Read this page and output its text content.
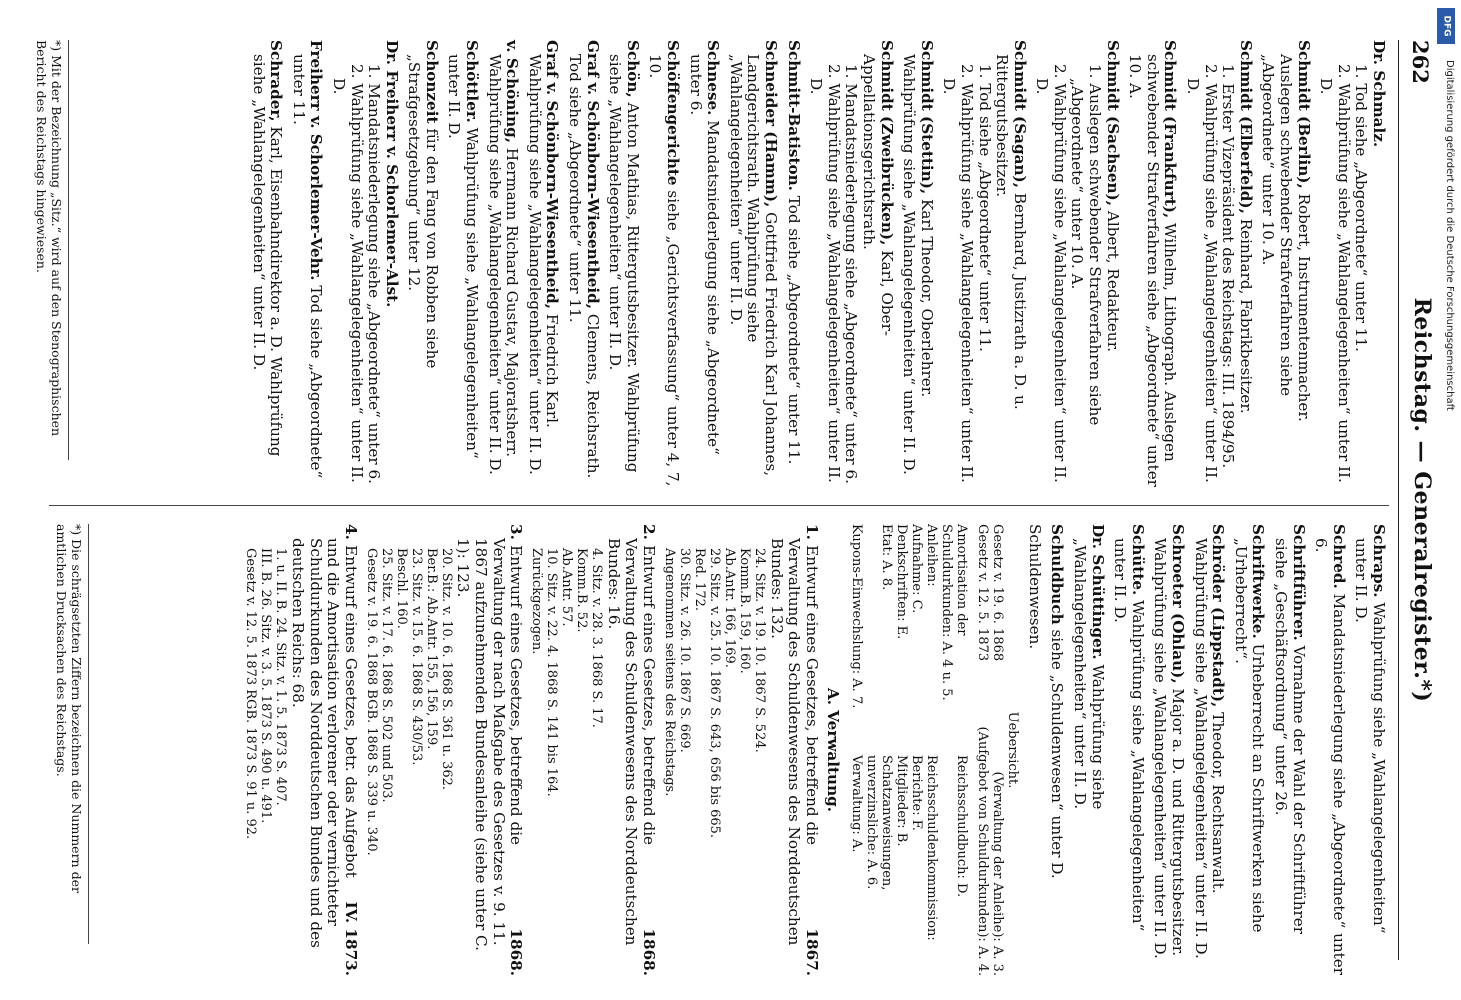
262
Reichstag. — Generalregister.*)
Dr. Schmalz.
1. Tod siehe „Abgeordnete“ unter 11.
2. Wahlprüfung siehe „Wahlangelegenheiten“ unter II. D.
Schmidt (Berlin), Robert, Instrumentenmacher. Auslegen schwebender Strafverfahren siehe „Abgeordnete“ unter 10. A.
Schmidt (Elberfeld), Reinhard, Fabrikbesitzer.
1. Erster Vizepräsident des Reichstags: III. 1894/95.
2. Wahlprüfung siehe „Wahlangelegenheiten“ unter II. D.
Schmidt (Frankfurt), Wilhelm, Lithograph. Auslegen schwebender Strafverfahren siehe „Abgeordnete“ unter 10. A.
Schmidt (Sachsen), Albert, Redakteur.
1. Auslegen schwebender Strafverfahren siehe „Abgeordnete“ unter 10. A.
2. Wahlprüfung siehe „Wahlangelegenheiten“ unter II. D.
Schmidt (Sagan), Bernhard, Justizrath a. D. u. Rittergutsbesitzer.
1. Tod siehe „Abgeordnete“ unter 11.
2. Wahlprüfung siehe „Wahlangelegenheiten“ unter II. D.
Schmidt (Stettin), Karl Theodor, Oberlehrer. Wahlprüfung siehe „Wahlangelegenheiten“ unter II. D.
Schmidt (Zweibrücken), Karl, Ober-Appellationsgerichtsrath.
1. Mandatsniederlegung siehe „Abgeordnete“ unter 6.
2. Wahlprüfung siehe „Wahlangelegenheiten“ unter II. D.
Schmitt-Batiston. Tod siehe „Abgeordnete“ unter 11.
Schneider (Hamm), Gottfried Friedrich Karl Johannes, Landgerichtsrath. Wahlprüfung siehe „Wahlangelegenheiten“ unter II. D.
Schnese. Mandatsniederlegung siehe „Abgeordnete“ unter 6.
Schöffengerichte siehe „Gerichtsverfassung“ unter 4, 7, 10.
Schön, Anton Mathias, Rittergutsbesitzer. Wahlprüfung siehe „Wahlangelegenheiten“ unter II. D.
Graf v. Schönborn-Wiesentheid, Clemens, Reichsrath. Tod siehe „Abgeordnete“ unter 11.
Graf v. Schönborn-Wiesentheid, Friedrich Karl. Wahlprüfung siehe „Wahlangelegenheiten“ unter II. D.
v. Schöning, Hermann Richard Gustav, Majoratsherr. Wahlprüfung siehe „Wahlangelegenheiten“ unter II. D.
Schöttler. Wahlprüfung siehe „Wahlangelegenheiten“ unter II. D.
Schonzeit für den Fang von Robben siehe „Strafgesetzgebung“ unter 12.
Dr. Freiherr v. Schorlemer-Alst.
1. Mandatsniederlegung siehe „Abgeordnete“ unter 6.
2. Wahlprüfung siehe „Wahlangelegenheiten“ unter II. D.
Freiherr v. Schorlemer-Vehr. Tod siehe „Abgeordnete“ unter 11.
Schrader, Karl, Eisenbahndirektor a. D. Wahlprüfung siehe „Wahlangelegenheiten“ unter II. D.
Schraps. Wahlprüfung siehe „Wahlangelegenheiten“ unter II. D.
Schred. Mandatsniederlegung siehe „Abgeordnete“ unter 6.
Schriftführer. Vornahme der Wahl der Schriftführer siehe „Geschäftsordnung“ unter 26.
Schriftwerke. Urheberrecht an Schriftwerken siehe „Urheberrecht“.
Schröder (Lippstadt), Theodor, Rechtsanwalt. Wahlprüfung siehe „Wahlangelegenheiten“ unter II. D.
Schroeter (Ohlau), Major a. D. und Rittergutsbesitzer. Wahlprüfung siehe „Wahlangelegenheiten“ unter II. D.
Schütte. Wahlprüfung siehe „Wahlangelegenheiten“ unter II. D.
Dr. Schüttinger. Wahlprüfung siehe „Wahlangelegenheiten“ unter II. D.
Schuldbuch siehe „Schuldenwesen“ unter D.
Schuldenwesen.
Uebersicht.
Gesetz v. 19. 6. 1868
(Verwaltung der Anleihe): A. 3.
Gesetz v. 12. 5. 1873
(Aufgebot von Schuldurkunden): A. 4.
Amortisation der Schuldurkunden: A. 4 u. 5.
Reichsschuldbuch: D.
Anleihen:
Reichsschuldenkommission:
Aufnahme: C.
Berichte: F.
Denkschriften: E.
Mitglieder: B.
Etat: A. 8.
Schatzanweisungen, unverzinsliche: A. 6.
Kupons-Einwechslung: A. 7.
Verwaltung: A.
A. Verwaltung.
1867.
1. Entwurf eines Gesetzes, betreffend die Verwaltung des Schuldenwesens des Norddeutschen Bundes: 132.
24. Sitz. v. 19. 10. 1867 S. 524.
Komm.B. 159, 160.
Ab.Antr. 166, 169.
29. Sitz. v. 25. 10. 1867 S. 643, 656 bis 665.
Red. 172.
30. Sitz. v. 26. 10. 1867 S. 669.
Angenommen seitens des Reichstags.
1868.
2. Entwurf eines Gesetzes, betreffend die Verwaltung des Schuldenwesens des Norddeutschen Bundes: 16.
4. Sitz. v. 28. 3. 1868 S. 17.
Komm.B. 52.
Ab.Antr. 57.
10. Sitz. v. 22. 4. 1868 S. 141 bis 164.
Zurückgezogen.
1868.
3. Entwurf eines Gesetzes, betreffend die Verwaltung der nach Maßgabe des Gesetzes v. 9. 11. 1867 aufzunehmenden Bundesanleihe (siehe unter C. 1): 123.
20. Sitz. v. 10. 6. 1868 S. 361 u. 362.
Ber.B.: Ab.Antr. 155, 156, 159.
23. Sitz. v. 15. 6. 1868 S. 430/53.
Beschl. 160.
25. Sitz. v. 17. 6. 1868 S. 502 und 503.
Gesetz v. 19. 6. 1868 BGB. 1868 S. 339 u. 340.
IV. 1873.
4. Entwurf eines Gesetzes, betr. das Aufgebot und die Amortisation verlorener oder vernichteter Schuldurkunden des Norddeutschen Bundes und des deutschen Reichs: 68.
1. u. II. B. 24. Sitz. v. 1. 5. 1873 S. 407.
III. B. 26. Sitz. v. 3. 5. 1873 S. 490 u. 491.
Gesetz v. 12. 5. 1873 RGB. 1873 S. 91 u. 92.
*) Mit der Bezeichnung „Sitz.“ wird auf den Stenographischen Bericht des Reichstags hingewiesen.
*) Die schrägsetzten Ziffern bezeichnen die Nummern der amtlichen Drucksachen des Reichstags.
DFG
Digitalisierung gefördert durch die Deutsche Forschungsgemeinschaft
